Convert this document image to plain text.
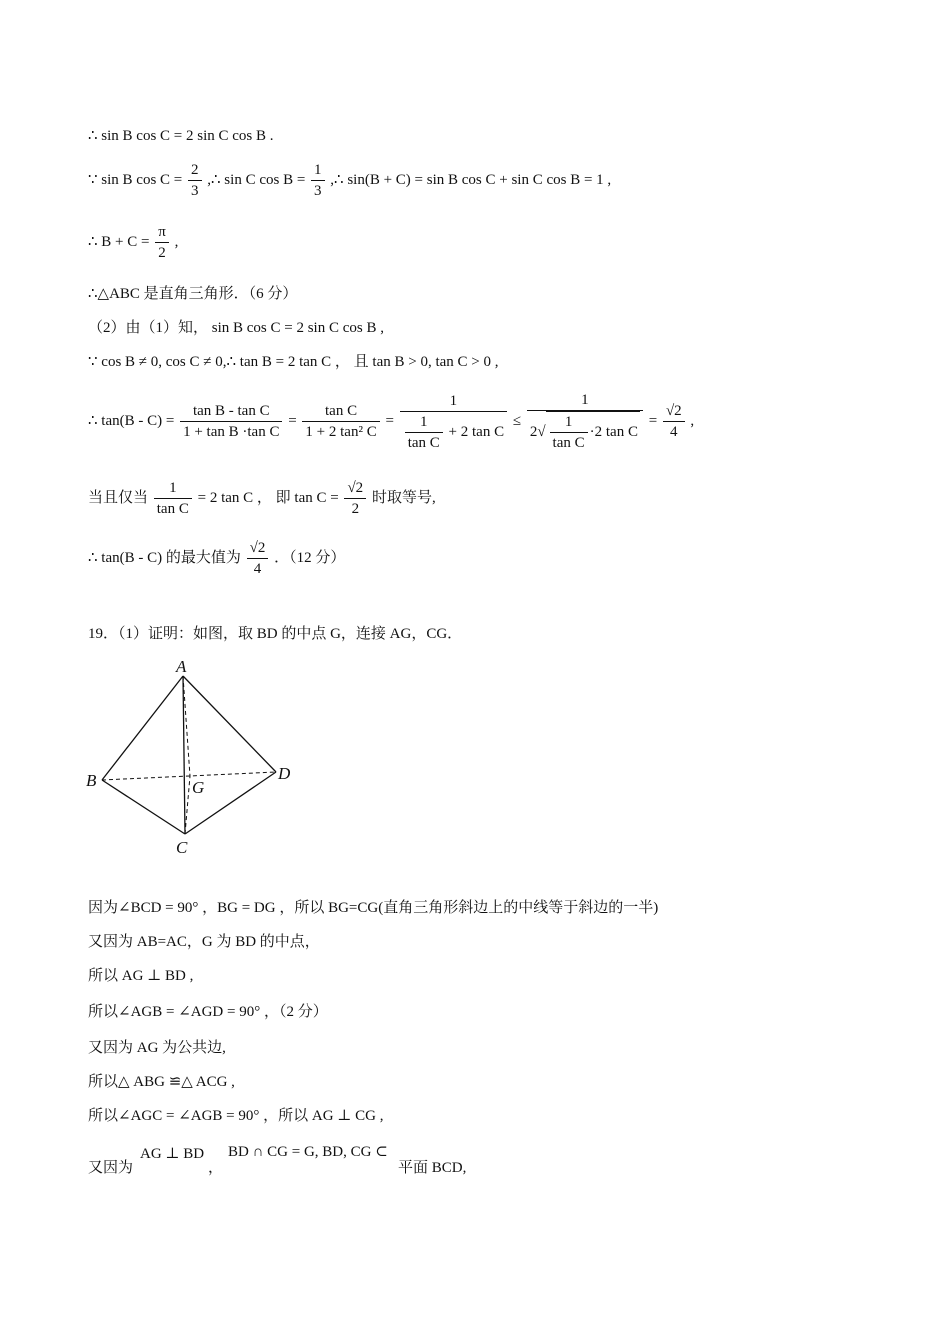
∴ sin B cos C = 2 sin C cos B .
∵ sin B $\cos C = \frac{2}{3}$ ,∴ sin C $\cos B = \frac{1}{3}$ ,∴ sin(B + C) = sin B cos C + sin C cos B = 1 ,
∴ $B + C = \frac{\pi}{2}$ ,
∴△ABC 是直角三角形．（6 分）
（2）由（1）知， sin B cos C = 2 sin C cos B ,
∵ cos B ≠ 0, cos C ≠ 0,∴ tan B = 2 tan C ， 且 tan B > 0, tan C > 0 ,
∴ $\tan(B - C) = \frac{\text{tan B - tan C}}{\text{1 + tan B ·tan C}} = \frac{\text{tan C}}{\text{1 + 2 tan² C}} = \frac{1}{\frac{1}{\text{tan C}} + 2 \tan C} \le \frac{1}{2√ \frac{1}{\text{tan C}} \cdot 2 \tan C} = \frac{√2}{4}$ ,
当且仅当 $\frac{1}{\text{tan C}} = 2$ tan C ， 即 $\tan C = \frac{√2}{2}$ 时取等号,
∴ tan(B - C) 的最大值为 $\frac{√2}{4}$ ．（12 分）
19．（1）证明：如图，取 BD 的中点 G，连接 AG，CG．
A
B
C
D
G
因为∠BCD = 90° ，BG = DG ，所以 BG=CG(直角三角形斜边上的中线等于斜边的一半)
又因为 AB=AC，G 为 BD 的中点，
所以 AG ⊥ BD ,
所以∠AGB = ∠AGD = 90° ，（2 分）
又因为 AG 为公共边,
所以△ ABG ≌△ ACG ,
所以∠AGC = ∠AGB = 90° ，所以 AG ⊥ CG ,
又因为
AG ⊥ BD
，
BD ∩ CG = G, BD, CG ⊂
平面 BCD,
